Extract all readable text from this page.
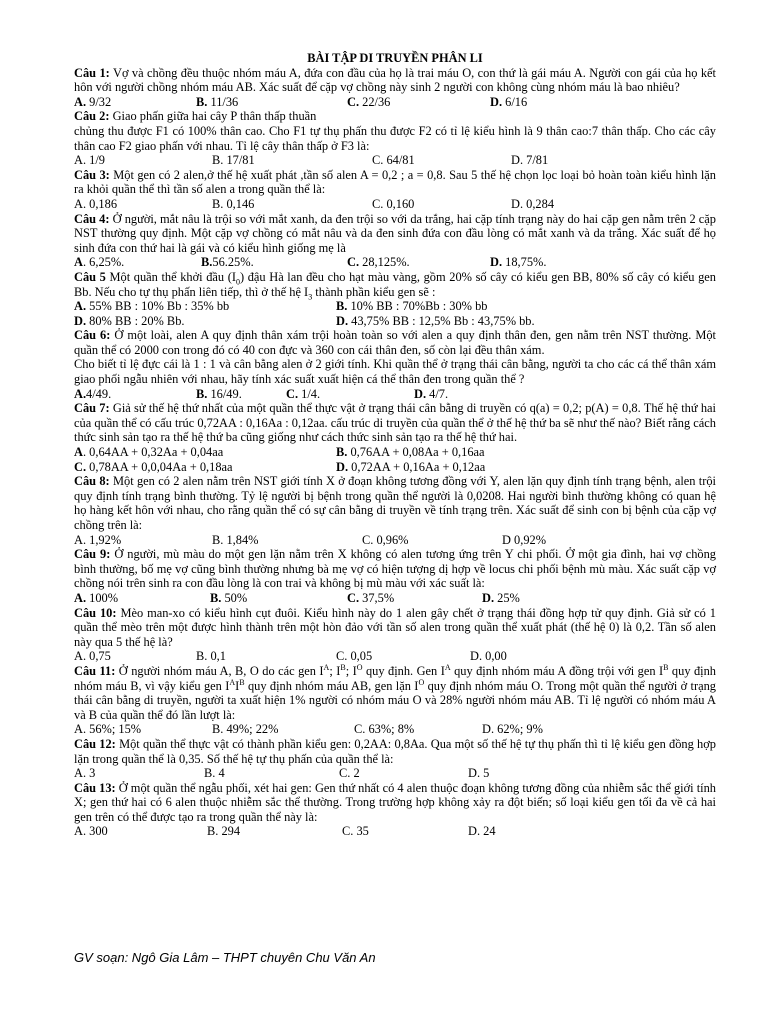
BÀI TẬP DI TRUYỀN PHÂN LI

Câu 1: Vợ và chồng đều thuộc nhóm máu A, đứa con đầu của họ là trai máu O, con thứ là gái máu A. Người con gái của họ kết hôn với người chồng nhóm máu AB. Xác suất để cặp vợ chồng này sinh 2 người con không cùng nhóm máu là bao nhiêu?

A. 9/32	B. 11/36	C. 22/36	D. 6/16

Câu 2: Giao phấn giữa hai cây P thân thấp thuần

chủng thu được F1 có 100% thân cao. Cho F1 tự thụ phấn thu được F2 có tỉ lệ kiểu hình là 9 thân cao:7 thân thấp. Cho các cây thân cao F2 giao phấn với nhau. Tỉ lệ cây thân thấp ở F3 là:

A. 1/9	B. 17/81	C. 64/81	D. 7/81

Câu 3: Một gen có 2 alen,ở thế hệ xuất phát ,tần số alen A = 0,2 ; a = 0,8. Sau 5 thế hệ chọn lọc loại bỏ hoàn toàn kiểu hình lặn ra khỏi quần thể thì tần số alen a trong quần thể là:

A. 0,186	B. 0,146	C. 0,160	D. 0,284

Câu 4: Ở người, mắt nâu là trội so với mắt xanh, da đen trội so với da trắng, hai cặp tính trạng này do hai cặp gen nằm trên 2 cặp NST thường quy định. Một cặp vợ chồng có mắt nâu và da đen sinh đứa con đầu lòng có mắt xanh và da trắng. Xác suất để họ sinh đứa con thứ hai là gái và có kiểu hình giống mẹ là

A. 6,25%.	B.56.25%.	C. 28,125%.	D. 18,75%.

Câu 5 Một quần thể khởi đầu $(I_0)$ đậu Hà lan đều cho hạt màu vàng, gồm 20% số cây có kiểu gen BB, 80% số cây có kiểu gen Bb. Nếu cho tự thụ phấn liên tiếp, thì ở thế hệ $I_3$ thành phần kiểu gen sẽ :

A. 55% BB : 10% Bb : 35% bb	B. 10% BB : 70%Bb : 30% bb
D. 80% BB : 20% Bb.	D. 43,75% BB : 12,5% Bb : 43,75% bb.

Câu 6: Ở một loài, alen A quy định thân xám trội hoàn toàn so với alen a quy định thân đen, gen nằm trên NST thường. Một quần thể có 2000 con trong đó có 40 con đực và 360 con cái thân đen, số còn lại đều thân xám.

Cho biết tỉ lệ đực cái là 1 : 1 và cân bằng alen ở 2 giới tính. Khi quần thể ở trạng thái cân bằng, người ta cho các cá thể thân xám giao phối ngẫu nhiên với nhau, hãy tính xác suất xuất hiện cá thể thân đen trong quần thể ?

A.4/49.	B. 16/49.	C. 1/4.	D. 4/7.

Câu 7: Giả sử thế hệ thứ nhất của một quần thể thực vật ở trạng thái cân bằng di truyền có q(a) = 0,2; p(A) = 0,8. Thế hệ thứ hai của quần thể có cấu trúc 0,72AA : 0,16Aa : 0,12aa. cấu trúc di truyền của quần thể ở thế hệ thứ ba sẽ như thế nào? Biết rằng cách thức sinh sản tạo ra thế hệ thứ ba cũng giống như cách thức sinh sản tạo ra thế hệ thứ hai.

A. 0,64AA + 0,32Aa + 0,04aa	B. 0,76AA + 0,08Aa + 0,16aa
C. 0,78AA + 0,0,04Aa + 0,18aa	D. 0,72AA + 0,16Aa + 0,12aa

Câu 8: Một gen có 2 alen nằm trên NST giới tính X ở đoạn không tương đồng với Y, alen lặn quy định tính trạng bệnh, alen trội quy định tính trạng bình thường. Tỷ lệ người bị bệnh trong quần thể người là 0,0208. Hai người bình thường không có quan hệ họ hàng kết hôn với nhau, cho rằng quần thể có sự cân bằng di truyền về tính trạng trên. Xác suất để sinh con bị bệnh của cặp vợ chồng trên là:

A. 1,92%	B. 1,84%	C. 0,96%	D 0,92%

Câu 9: Ở người, mù màu do một gen lặn nằm trên X không có alen tương ứng trên Y chi phối. Ở một gia đình, hai vợ chồng bình thường, bố mẹ vợ cũng bình thường nhưng bà mẹ vợ có hiện tượng dị hợp về locus chi phối bệnh mù màu. Xác suất cặp vợ chồng nói trên sinh ra con đầu lòng là con trai và không bị mù màu với xác suất là:

A. 100%	B. 50%	C. 37,5%	D. 25%

Câu 10: Mèo man-xo có kiểu hình cụt đuôi. Kiểu hình này do 1 alen gây chết ở trạng thái đồng hợp tử quy định. Giả sử có 1 quần thể mèo trên một được hình thành trên một hòn đảo với tần số alen trong quần thể xuất phát (thế hệ 0) là 0,2. Tần số alen này qua 5 thế hệ là?

A. 0,75	B. 0,1	C. 0,05	D. 0,00

Câu 11: Ở người nhóm máu A, B, O do các gen $I^A$; $I^B$; $I^O$ quy định. Gen $I^A$ quy định nhóm máu A đồng trội với gen $I^B$ quy định nhóm máu B, vì vậy kiểu gen $I^AI^B$ quy định nhóm máu AB, gen lặn $I^O$ quy định nhóm máu O. Trong một quần thể người ở trạng thái cân bằng di truyền, người ta xuất hiện 1% người có nhóm máu O và 28% người nhóm máu AB. Tỉ lệ người có nhóm máu A và B của quần thể đó lần lượt là:

A. 56%; 15%	B. 49%; 22%	C. 63%; 8%	D. 62%; 9%

Câu 12: Một quần thể thực vật có thành phần kiểu gen: 0,2AA: 0,8Aa. Qua một số thế hệ tự thụ phấn thì tỉ lệ kiểu gen đồng hợp lặn trong quần thể là 0,35. Số thế hệ tự thụ phấn của quần thể là:

A. 3	B. 4	C. 2	D. 5

Câu 13: Ở một quần thể ngẫu phối, xét hai gen: Gen thứ nhất có 4 alen thuộc đoạn không tương đồng của nhiễm sắc thể giới tính X; gen thứ hai có 6 alen thuộc nhiễm sắc thể thường. Trong trường hợp không xảy ra đột biến; số loại kiểu gen tối đa về cả hai gen trên có thể được tạo ra trong quần thể này là:

A. 300	B. 294	C. 35	D. 24
GV soạn: Ngô Gia Lâm – THPT chuyên Chu Văn An
